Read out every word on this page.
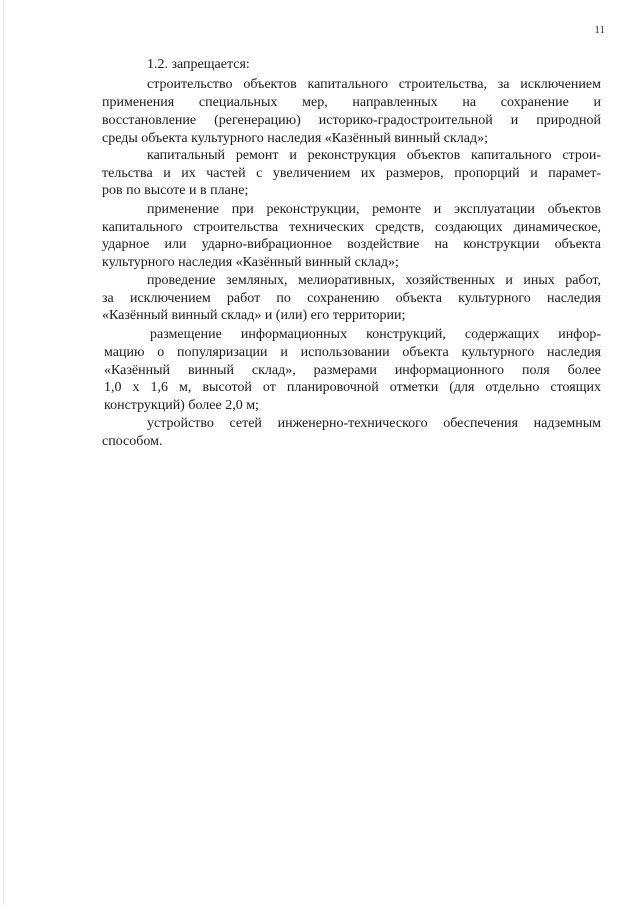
11
1.2. запрещается:
строительство объектов капитального строительства, за исключением
применения специальных мер, направленных на сохранение и
восстановление (регенерацию) историко-градостроительной и природной
среды объекта культурного наследия «Казённый винный склад»;
капитальный ремонт и реконструкция объектов капитального строи-
тельства и их частей с увеличением их размеров, пропорций и парамет-
ров по высоте и в плане;
применение при реконструкции, ремонте и эксплуатации объектов
капитального строительства технических средств, создающих динамическое,
ударное или ударно-вибрационное воздействие на конструкции объекта
культурного наследия «Казённый винный склад»;
проведение земляных, мелиоративных, хозяйственных и иных работ,
за исключением работ по сохранению объекта культурного наследия
«Казённый винный склад» и (или) его территории;
размещение информационных конструкций, содержащих инфор-
мацию о популяризации и использовании объекта культурного наследия
«Казённый винный склад», размерами информационного поля более
1,0 х 1,6 м, высотой от планировочной отметки (для отдельно стоящих
конструкций) более 2,0 м;
устройство сетей инженерно-технического обеспечения надземным
способом.
